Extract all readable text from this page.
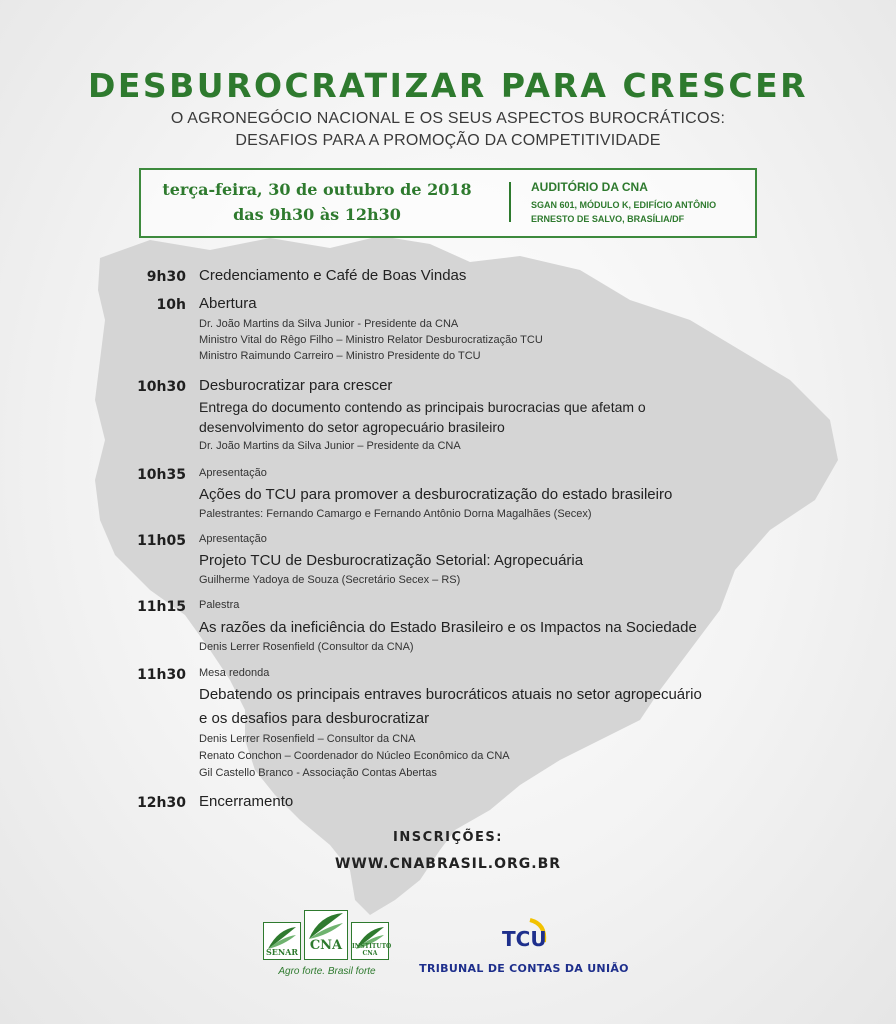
DESBUROCRATIZAR PARA CRESCER
O AGRONEGÓCIO NACIONAL E OS SEUS ASPECTOS BUROCRÁTICOS:
DESAFIOS PARA A PROMOÇÃO DA COMPETITIVIDADE
terça-feira, 30 de outubro de 2018
das 9h30 às 12h30
AUDITÓRIO DA CNA
SGAN 601, MÓDULO K, EDIFÍCIO ANTÔNIO
ERNESTO DE SALVO, BRASÍLIA/DF
9h30 Credenciamento e Café de Boas Vindas
10h Abertura
Dr. João Martins da Silva Junior - Presidente da CNA
Ministro Vital do Rêgo Filho – Ministro Relator Desburocratização TCU
Ministro Raimundo Carreiro – Ministro Presidente do TCU
10h30 Desburocratizar para crescer
Entrega do documento contendo as principais burocracias que afetam o
desenvolvimento do setor agropecuário brasileiro
Dr. João Martins da Silva Junior – Presidente da CNA
10h35 Apresentação
Ações do TCU para promover a desburocratização do estado brasileiro
Palestrantes: Fernando Camargo e Fernando Antônio Dorna Magalhães (Secex)
11h05 Apresentação
Projeto TCU de Desburocratização Setorial: Agropecuária
Guilherme Yadoya de Souza (Secretário Secex – RS)
11h15 Palestra
As razões da ineficiência do Estado Brasileiro e os Impactos na Sociedade
Denis Lerrer Rosenfield (Consultor da CNA)
11h30 Mesa redonda
Debatendo os principais entraves burocráticos atuais no setor agropecuário
e os desafios para desburocratizar
Denis Lerrer Rosenfield – Consultor da CNA
Renato Conchon – Coordenador do Núcleo Econômico da CNA
Gil Castello Branco - Associação Contas Abertas
12h30 Encerramento
INSCRIÇÕES:
WWW.CNABRASIL.ORG.BR
SENAR CNA	INSTITUTO CNA
Agro forte. Brasil forte
TCU
TRIBUNAL DE CONTAS DA UNIÃO
